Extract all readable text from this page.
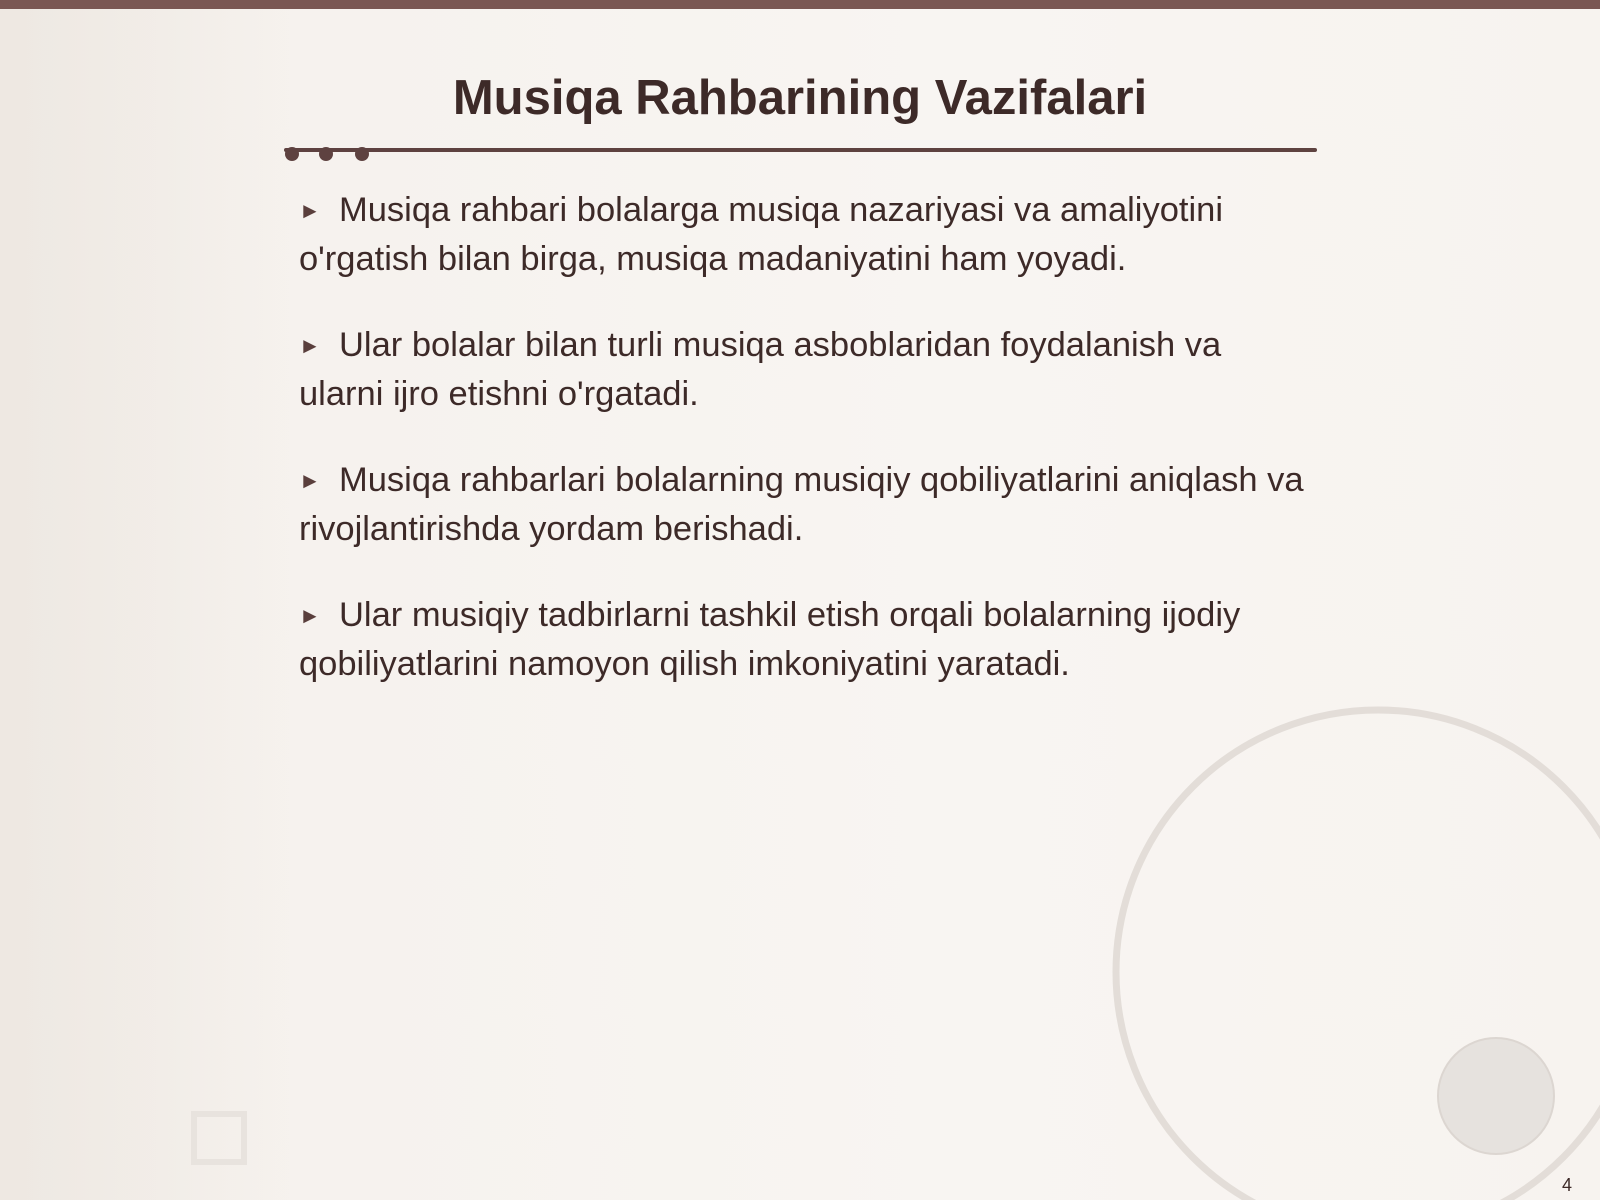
Musiqa Rahbarining Vazifalari
► Musiqa rahbari bolalarga musiqa nazariyasi va amaliyotini o'rgatish bilan birga, musiqa madaniyatini ham yoyadi.
► Ular bolalar bilan turli musiqa asboblaridan foydalanish va ularni ijro etishni o'rgatadi.
► Musiqa rahbarlari bolalarning musiqiy qobiliyatlarini aniqlash va rivojlantirishda yordam berishadi.
► Ular musiqiy tadbirlarni tashkil etish orqali bolalarning ijodiy qobiliyatlarini namoyon qilish imkoniyatini yaratadi.
4
